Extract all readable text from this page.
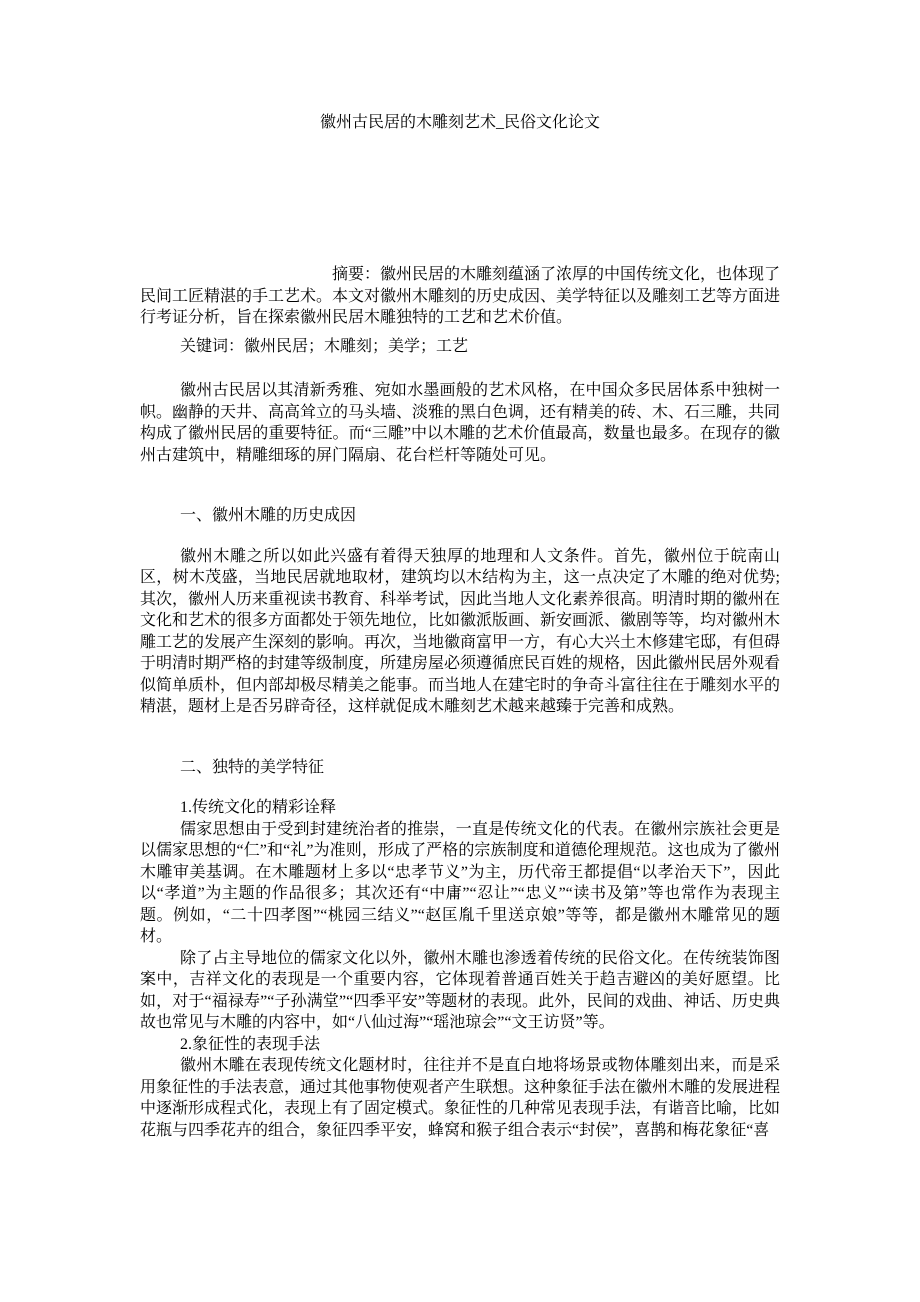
徽州古民居的木雕刻艺术_民俗文化论文

摘要：徽州民居的木雕刻蕴涵了浓厚的中国传统文化，也体现了民间工匠精湛的手工艺术。本文对徽州木雕刻的历史成因、美学特征以及雕刻工艺等方面进行考证分析，旨在探索徽州民居木雕独特的工艺和艺术价值。

关键词：徽州民居；木雕刻；美学；工艺

徽州古民居以其清新秀雅、宛如水墨画般的艺术风格，在中国众多民居体系中独树一帜。幽静的天井、高高耸立的马头墙、淡雅的黑白色调，还有精美的砖、木、石三雕，共同构成了徽州民居的重要特征。而“三雕”中以木雕的艺术价值最高，数量也最多。在现存的徽州古建筑中，精雕细琢的屏门隔扇、花台栏杆等随处可见。

一、徽州木雕的历史成因

徽州木雕之所以如此兴盛有着得天独厚的地理和人文条件。首先，徽州位于皖南山区，树木茂盛，当地民居就地取材，建筑均以木结构为主，这一点决定了木雕的绝对优势; 其次，徽州人历来重视读书教育、科举考试，因此当地人文化素养很高。明清时期的徽州在文化和艺术的很多方面都处于领先地位，比如徽派版画、新安画派、徽剧等等，均对徽州木雕工艺的发展产生深刻的影响。再次，当地徽商富甲一方，有心大兴土木修建宅邸，有但碍于明清时期严格的封建等级制度，所建房屋必须遵循庶民百姓的规格，因此徽州民居外观看似简单质朴，但内部却极尽精美之能事。而当地人在建宅时的争奇斗富往往在于雕刻水平的精湛，题材上是否另辟奇径，这样就促成木雕刻艺术越来越臻于完善和成熟。

二、独特的美学特征

1.传统文化的精彩诠释

儒家思想由于受到封建统治者的推崇，一直是传统文化的代表。在徽州宗族社会更是以儒家思想的“仁”和“礼”为准则，形成了严格的宗族制度和道德伦理规范。这也成为了徽州木雕审美基调。在木雕题材上多以“忠孝节义”为主，历代帝王都提倡“以孝治天下”，因此以“孝道”为主题的作品很多；其次还有“中庸”“忍让”“忠义”“读书及第”等也常作为表现主题。例如，“二十四孝图”“桃园三结义”“赵匡胤千里送京娘”等等，都是徽州木雕常见的题材。

除了占主导地位的儒家文化以外，徽州木雕也渗透着传统的民俗文化。在传统装饰图案中，吉祥文化的表现是一个重要内容，它体现着普通百姓关于趋吉避凶的美好愿望。比如，对于“福禄寿”“子孙满堂”“四季平安”等题材的表现。此外，民间的戏曲、神话、历史典故也常见与木雕的内容中，如“八仙过海”“瑶池琼会”“文王访贤”等。

2.象征性的表现手法

徽州木雕在表现传统文化题材时，往往并不是直白地将场景或物体雕刻出来，而是采用象征性的手法表意，通过其他事物使观者产生联想。这种象征手法在徽州木雕的发展进程中逐渐形成程式化，表现上有了固定模式。象征性的几种常见表现手法，有谐音比喻，比如花瓶与四季花卉的组合，象征四季平安，蜂窝和猴子组合表示“封侯”，喜鹊和梅花象征“喜
